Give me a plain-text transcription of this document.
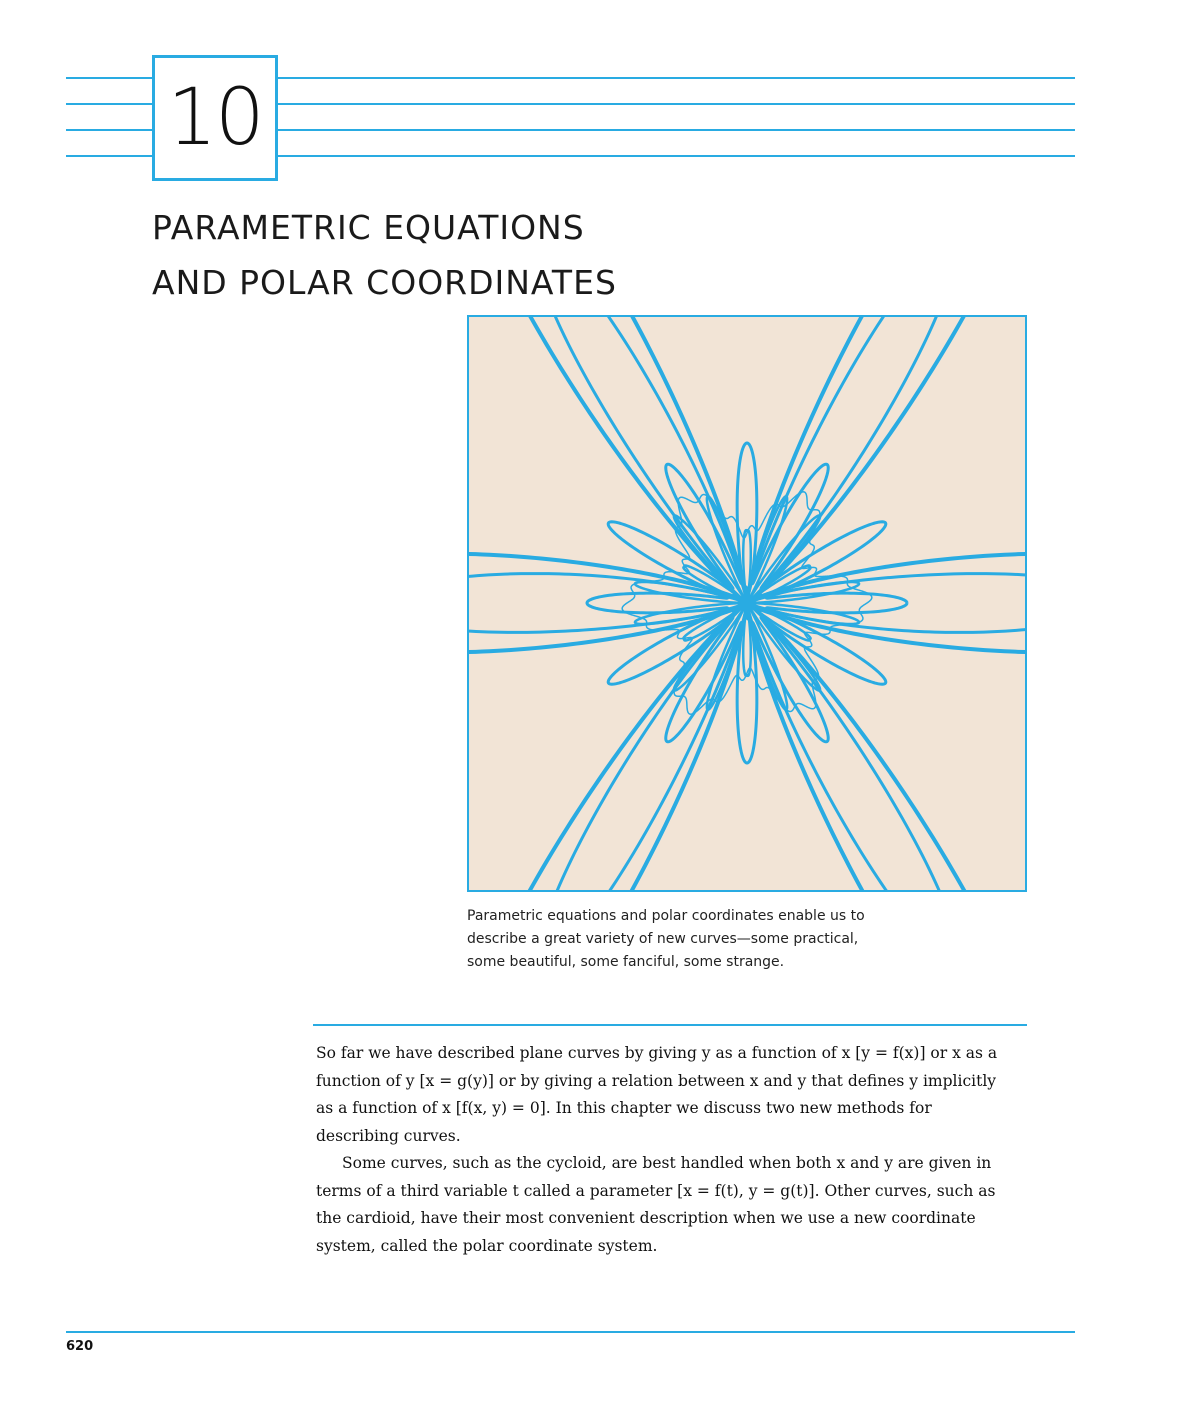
10
PARAMETRIC EQUATIONS
AND POLAR COORDINATES
Parametric equations and polar coordinates enable us to
describe a great variety of new curves—some practical,
some beautiful, some fanciful, some strange.

So far we have described plane curves by giving y as a function of x [y = f(x)] or x as a function of y [x = g(y)] or by giving a relation between x and y that defines y implicitly as a function of x [f(x, y) = 0]. In this chapter we discuss two new methods for describing curves.

Some curves, such as the cycloid, are best handled when both x and y are given in terms of a third variable t called a parameter [x = f(t), y = g(t)]. Other curves, such as the cardioid, have their most convenient description when we use a new coordinate system, called the polar coordinate system.

620
